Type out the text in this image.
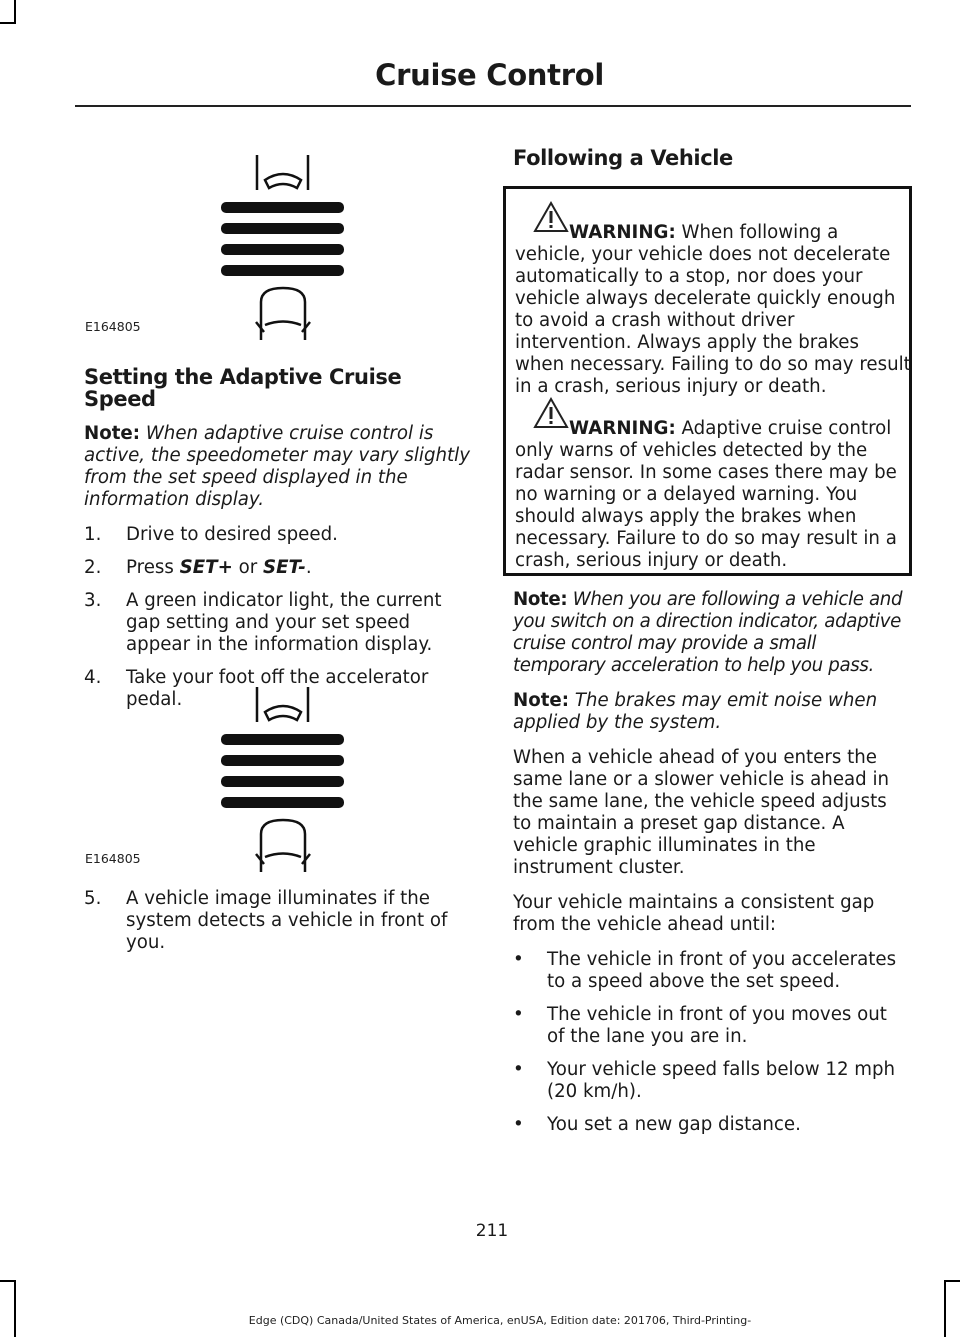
Cruise Control
E164805
Setting the Adaptive Cruise Speed

Note: When adaptive cruise control is active, the speedometer may vary slightly from the set speed displayed in the information display.

1. Drive to desired speed.
2. Press SET+ or SET-.
3. A green indicator light, the current gap setting and your set speed appear in the information display.
4. Take your foot off the accelerator pedal.
E164805
5. A vehicle image illuminates if the system detects a vehicle in front of you.
Following a Vehicle
WARNING: When following a vehicle, your vehicle does not decelerate automatically to a stop, nor does your vehicle always decelerate quickly enough to avoid a crash without driver intervention. Always apply the brakes when necessary. Failing to do so may result in a crash, serious injury or death.
WARNING: Adaptive cruise control only warns of vehicles detected by the radar sensor. In some cases there may be no warning or a delayed warning. You should always apply the brakes when necessary. Failure to do so may result in a crash, serious injury or death.

Note: When you are following a vehicle and you switch on a direction indicator, adaptive cruise control may provide a small temporary acceleration to help you pass.

Note: The brakes may emit noise when applied by the system.

When a vehicle ahead of you enters the same lane or a slower vehicle is ahead in the same lane, the vehicle speed adjusts to maintain a preset gap distance. A vehicle graphic illuminates in the instrument cluster.

Your vehicle maintains a consistent gap from the vehicle ahead until:

• The vehicle in front of you accelerates to a speed above the set speed.
• The vehicle in front of you moves out of the lane you are in.
• Your vehicle speed falls below 12 mph (20 km/h).
• You set a new gap distance.
211
Edge (CDQ) Canada/United States of America, enUSA, Edition date: 201706, Third-Printing-
